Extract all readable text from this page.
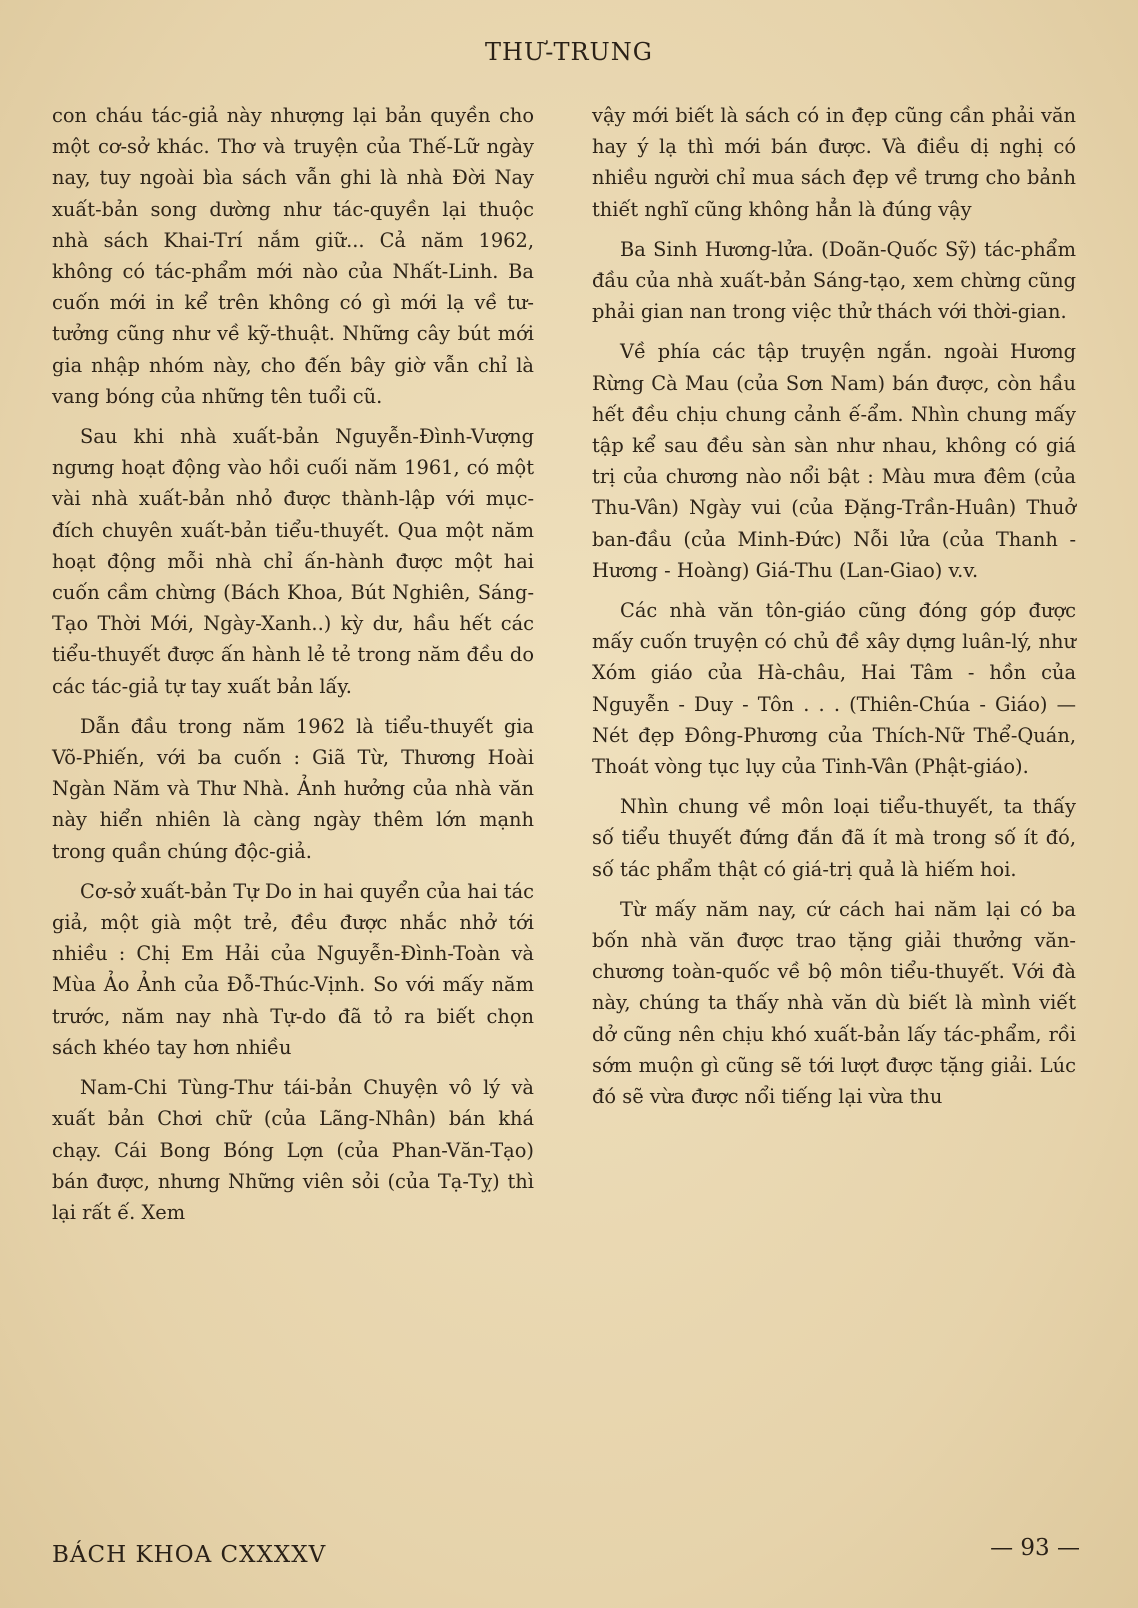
THƯ-TRUNG

con cháu tác-giả này nhượng lại bản quyền cho một cơ-sở khác. Thơ và truyện của Thế-Lữ ngày nay, tuy ngoài bìa sách vẫn ghi là nhà Đời Nay xuất-bản song dường như tác-quyền lại thuộc nhà sách Khai-Trí nắm giữ... Cả năm 1962, không có tác-phẩm mới nào của Nhất-Linh. Ba cuốn mới in kể trên không có gì mới lạ về tư-tưởng cũng như về kỹ-thuật. Những cây bút mới gia nhập nhóm này, cho đến bây giờ vẫn chỉ là vang bóng của những tên tuổi cũ.

Sau khi nhà xuất-bản Nguyễn-Đình-Vượng ngưng hoạt động vào hồi cuối năm 1961, có một vài nhà xuất-bản nhỏ được thành-lập với mục-đích chuyên xuất-bản tiểu-thuyết. Qua một năm hoạt động mỗi nhà chỉ ấn-hành được một hai cuốn cầm chừng (Bách Khoa, Bút Nghiên, Sáng-Tạo Thời Mới, Ngày-Xanh..) kỳ dư, hầu hết các tiểu-thuyết được ấn hành lẻ tẻ trong năm đều do các tác-giả tự tay xuất bản lấy.

Dẫn đầu trong năm 1962 là tiểu-thuyết gia Võ-Phiến, với ba cuốn : Giã Từ, Thương Hoài Ngàn Năm và Thư Nhà. Ảnh hưởng của nhà văn này hiển nhiên là càng ngày thêm lớn mạnh trong quần chúng độc-giả.

Cơ-sở xuất-bản Tự Do in hai quyển của hai tác giả, một già một trẻ, đều được nhắc nhở tới nhiều : Chị Em Hải của Nguyễn-Đình-Toàn và Mùa Ảo Ảnh của Đỗ-Thúc-Vịnh. So với mấy năm trước, năm nay nhà Tự-do đã tỏ ra biết chọn sách khéo tay hơn nhiều

Nam-Chi Tùng-Thư tái-bản Chuyện vô lý và xuất bản Chơi chữ (của Lãng-Nhân) bán khá chạy. Cái Bong Bóng Lợn (của Phan-Văn-Tạo) bán được, nhưng Những viên sỏi (của Tạ-Tỵ) thì lại rất ế. Xem

vậy mới biết là sách có in đẹp cũng cần phải văn hay ý lạ thì mới bán được. Và điều dị nghị có nhiều người chỉ mua sách đẹp về trưng cho bảnh thiết nghĩ cũng không hẳn là đúng vậy

Ba Sinh Hương-lửa. (Doãn-Quốc Sỹ) tác-phẩm đầu của nhà xuất-bản Sáng-tạo, xem chừng cũng phải gian nan trong việc thử thách với thời-gian.

Về phía các tập truyện ngắn. ngoài Hương Rừng Cà Mau (của Sơn Nam) bán được, còn hầu hết đều chịu chung cảnh ế-ẩm. Nhìn chung mấy tập kể sau đều sàn sàn như nhau, không có giá trị của chương nào nổi bật : Màu mưa đêm (của Thu-Vân) Ngày vui (của Đặng-Trần-Huân) Thuở ban-đầu (của Minh-Đức) Nỗi lửa (của Thanh - Hương - Hoàng) Giá-Thu (Lan-Giao) v.v.

Các nhà văn tôn-giáo cũng đóng góp được mấy cuốn truyện có chủ đề xây dựng luân-lý, như Xóm giáo của Hà-châu, Hai Tâm - hồn của Nguyễn - Duy - Tôn . . . (Thiên-Chúa - Giáo) — Nét đẹp Đông-Phương của Thích-Nữ Thể-Quán, Thoát vòng tục lụy của Tinh-Vân (Phật-giáo).

Nhìn chung về môn loại tiểu-thuyết, ta thấy số tiểu thuyết đứng đắn đã ít mà trong số ít đó, số tác phẩm thật có giá-trị quả là hiếm hoi.

Từ mấy năm nay, cứ cách hai năm lại có ba bốn nhà văn được trao tặng giải thưởng văn-chương toàn-quốc về bộ môn tiểu-thuyết. Với đà này, chúng ta thấy nhà văn dù biết là mình viết dở cũng nên chịu khó xuất-bản lấy tác-phẩm, rồi sớm muộn gì cũng sẽ tới lượt được tặng giải. Lúc đó sẽ vừa được nổi tiếng lại vừa thu

BÁCH KHOA CXXXXV	— 93 —
